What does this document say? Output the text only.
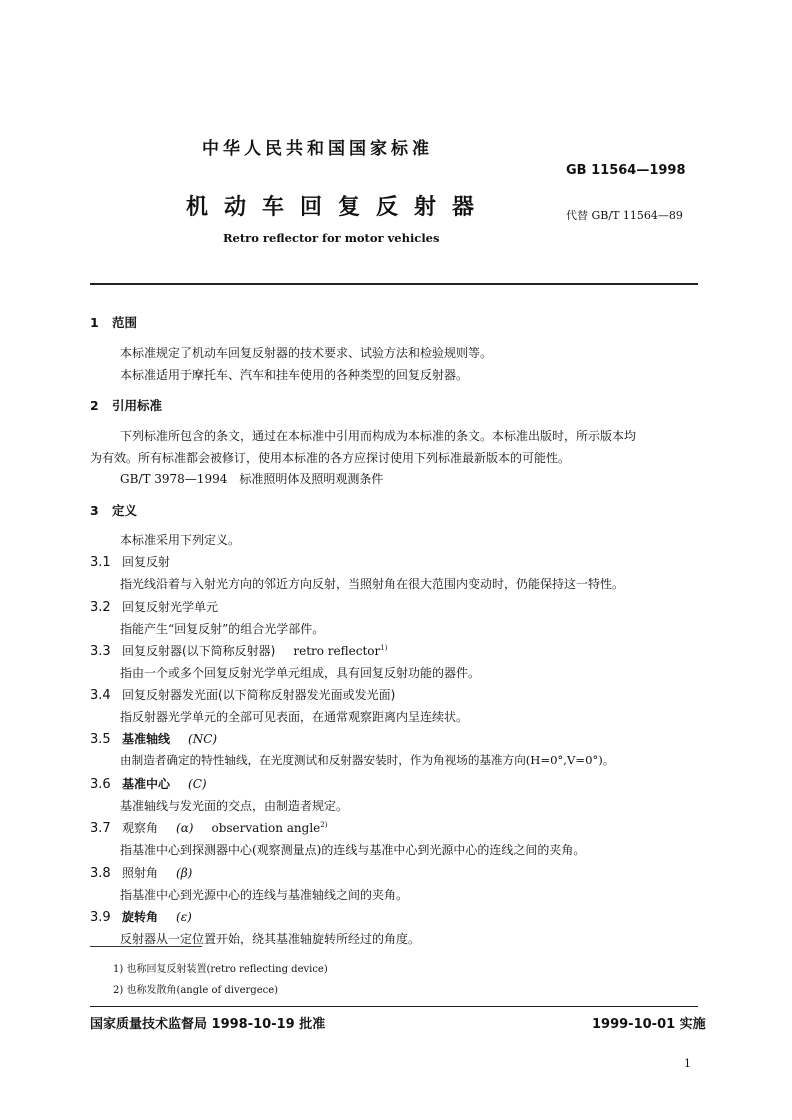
中华人民共和国国家标准
GB 11564—1998
机动车回复反射器	代替 GB/T 11564—89
Retro reflector for motor vehicles
1 范围
本标准规定了机动车回复反射器的技术要求、试验方法和检验规则等。
本标准适用于摩托车、汽车和挂车使用的各种类型的回复反射器。
2 引用标准
下列标准所包含的条文，通过在本标准中引用而构成为本标准的条文。本标准出版时，所示版本均
为有效。所有标准都会被修订，使用本标准的各方应探讨使用下列标准最新版本的可能性。
GB/T 3978—1994　标准照明体及照明观测条件
3 定义
本标准采用下列定义。
3.1 回复反射
指光线沿着与入射光方向的邻近方向反射，当照射角在很大范围内变动时，仍能保持这一特性。
3.2 回复反射光学单元
指能产生“回复反射”的组合光学部件。
3.3 回复反射器(以下简称反射器) retro reflector$^{1)}$
指由一个或多个回复反射光学单元组成，具有回复反射功能的器件。
3.4 回复反射器发光面(以下简称反射器发光面或发光面)
指反射器光学单元的全部可见表面，在通常观察距离内呈连续状。
3.5 基准轴线 (NC)
由制造者确定的特性轴线，在光度测试和反射器安装时，作为角视场的基准方向(H=0°,V=0°)。
3.6 基准中心 (C)
基准轴线与发光面的交点，由制造者规定。
3.7 观察角 (α) observation angle$^{2)}$
指基准中心到探测器中心(观察测量点)的连线与基准中心到光源中心的连线之间的夹角。
3.8 照射角 (β)
指基准中心到光源中心的连线与基准轴线之间的夹角。
3.9 旋转角 (ε)
反射器从一定位置开始，绕其基准轴旋转所经过的角度。
1) 也称回复反射装置(retro reflecting device)
2) 也称发散角(angle of divergece)
国家质量技术监督局 1998-10-19 批准	1999-10-01 实施
1
